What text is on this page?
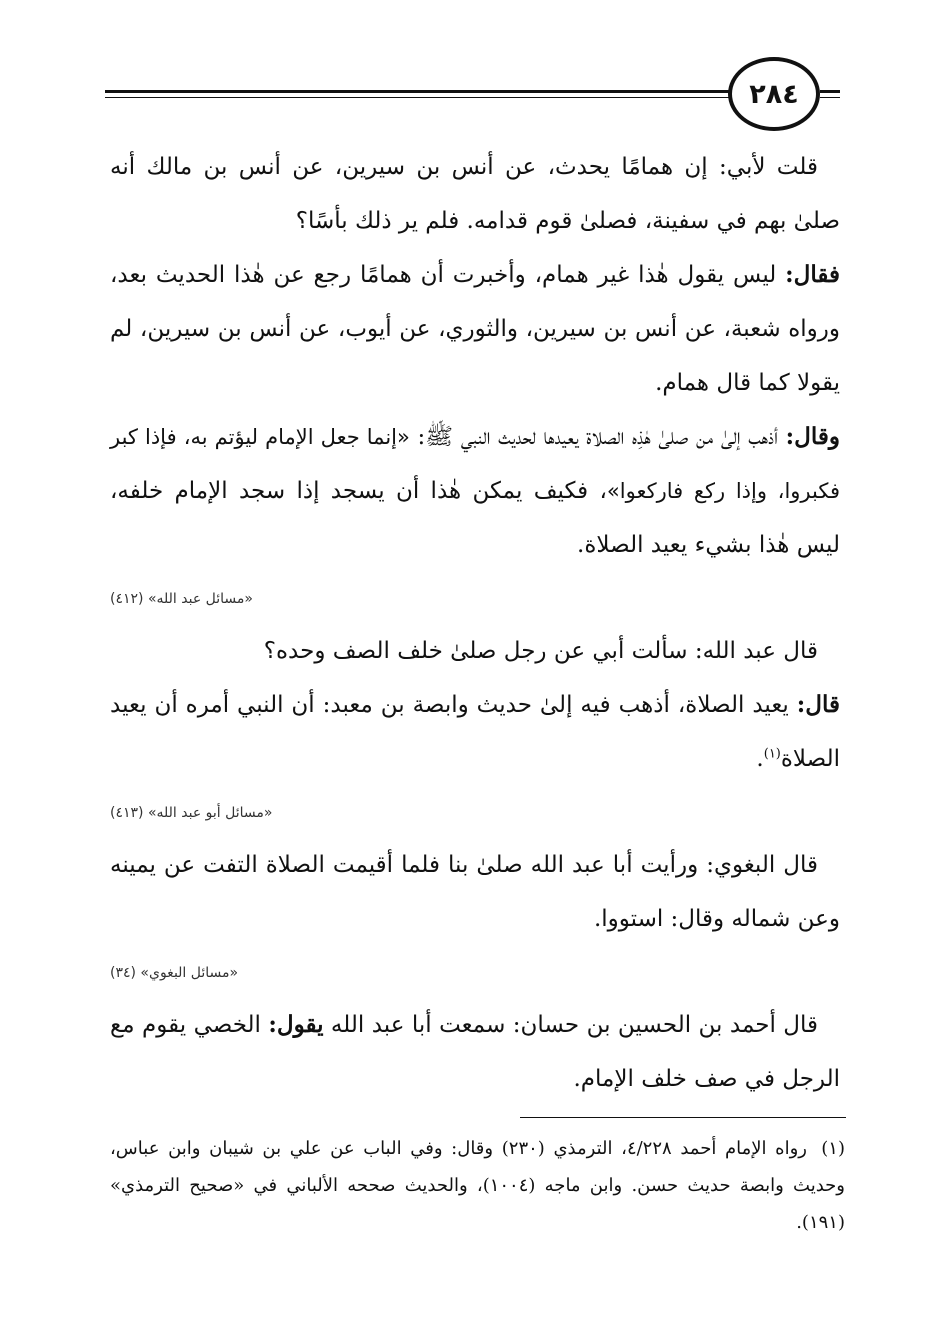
٢٨٤

قلت لأبي: إن همامًا يحدث، عن أنس بن سيرين، عن أنس بن مالك أنه صلىٰ بهم في سفينة، فصلىٰ قوم قدامه. فلم ير ذلك بأسًا؟

فقال: ليس يقول هٰذا غير همام، وأخبرت أن همامًا رجع عن هٰذا الحديث بعد، ورواه شعبة، عن أنس بن سيرين، والثوري، عن أيوب، عن أنس بن سيرين، لم يقولا كما قال همام.

وقال: أذهب إلىٰ من صلىٰ هٰذِه الصلاة يعيدها لحديث النبي ﷺ: «إنما جعل الإمام ليؤتم به، فإذا كبر فكبروا، وإذا ركع فاركعوا»، فكيف يمكن هٰذا أن يسجد إذا سجد الإمام خلفه، ليس هٰذا بشيء يعيد الصلاة.

«مسائل عبد الله» (٤١٢)

قال عبد الله: سألت أبي عن رجل صلىٰ خلف الصف وحده؟

قال: يعيد الصلاة، أذهب فيه إلىٰ حديث وابصة بن معبد: أن النبي أمره أن يعيد الصلاة$^{(١)}$.

«مسائل أبو عبد الله» (٤١٣)

قال البغوي: ورأيت أبا عبد الله صلىٰ بنا فلما أقيمت الصلاة التفت عن يمينه وعن شماله وقال: استووا.

«مسائل البغوي» (٣٤)

قال أحمد بن الحسين بن حسان: سمعت أبا عبد الله يقول: الخصي يقوم مع الرجل في صف خلف الإمام.

(١)رواه الإمام أحمد ٤/٢٢٨، الترمذي (٢٣٠) وقال: وفي الباب عن علي بن شيبان وابن عباس، وحديث وابصة حديث حسن. وابن ماجه (١٠٠٤)، والحديث صححه الألباني في «صحيح الترمذي» (١٩١).
